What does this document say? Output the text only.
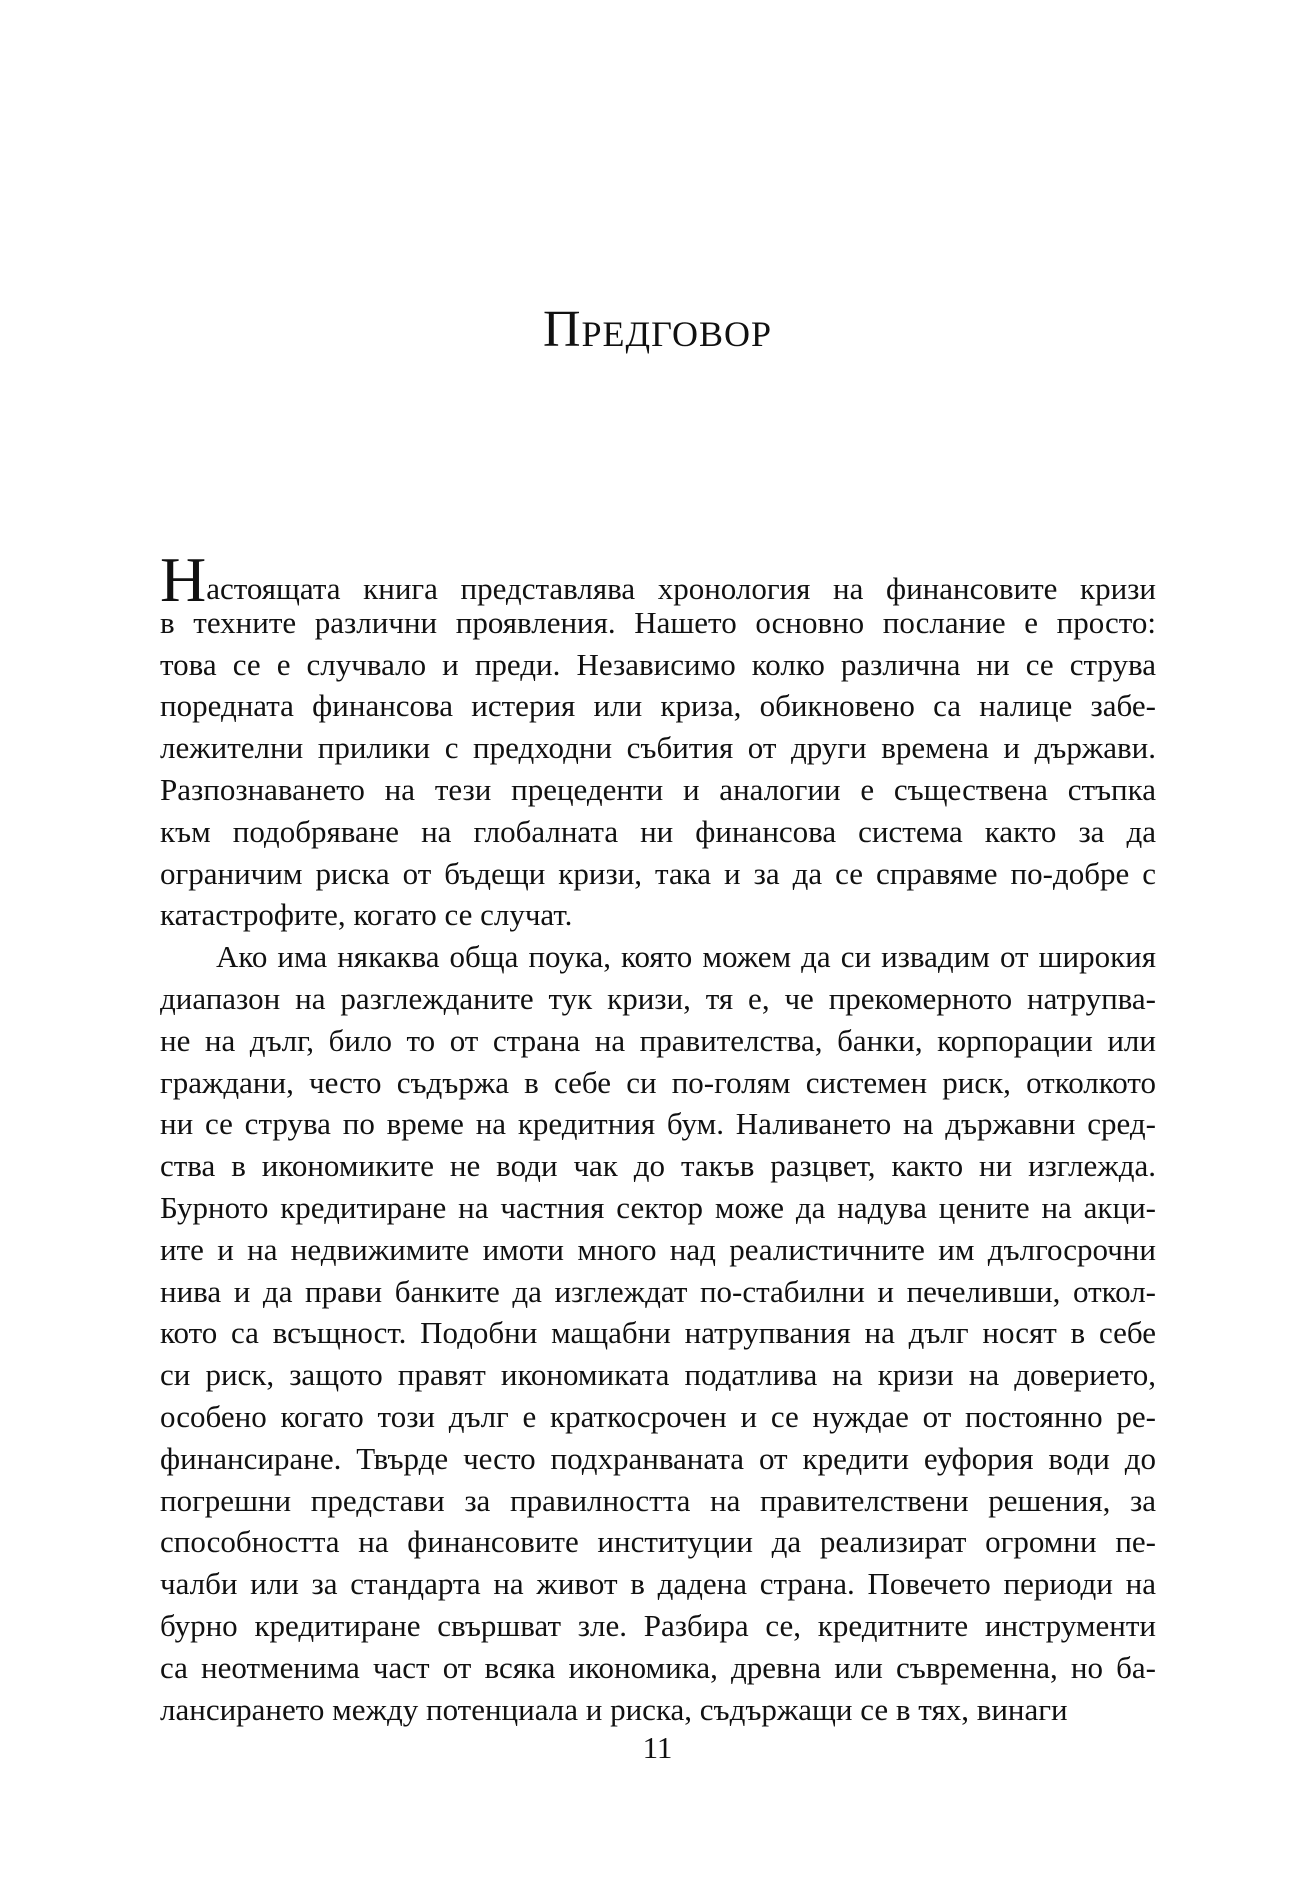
Предговор
Настоящата книга представлява хронология на финансовите кризи
в техните различни проявления. Нашето основно послание е просто:
това се е случвало и преди. Независимо колко различна ни се струва
поредната финансова истерия или криза, обикновено са налице забе-
лежителни прилики с предходни събития от други времена и държави.
Разпознаването на тези прецеденти и аналогии е съществена стъпка
към подобряване на глобалната ни финансова система както за да
ограничим риска от бъдещи кризи, така и за да се справяме по-добре с
катастрофите, когато се случат.
Ако има някаква обща поука, която можем да си извадим от широкия
диапазон на разглежданите тук кризи, тя е, че прекомерното натрупва-
не на дълг, било то от страна на правителства, банки, корпорации или
граждани, често съдържа в себе си по-голям системен риск, отколкото
ни се струва по време на кредитния бум. Наливането на държавни сред-
ства в икономиките не води чак до такъв разцвет, както ни изглежда.
Бурното кредитиране на частния сектор може да надува цените на акци-
ите и на недвижимите имоти много над реалистичните им дългосрочни
нива и да прави банките да изглеждат по-стабилни и печеливши, откол-
кото са всъщност. Подобни мащабни натрупвания на дълг носят в себе
си риск, защото правят икономиката податлива на кризи на доверието,
особено когато този дълг е краткосрочен и се нуждае от постоянно ре-
финансиране. Твърде често подхранваната от кредити еуфория води до
погрешни представи за правилността на правителствени решения, за
способността на финансовите институции да реализират огромни пе-
чалби или за стандарта на живот в дадена страна. Повечето периоди на
бурно кредитиране свършват зле. Разбира се, кредитните инструменти
са неотменима част от всяка икономика, древна или съвременна, но ба-
лансирането между потенциала и риска, съдържащи се в тях, винаги
11
